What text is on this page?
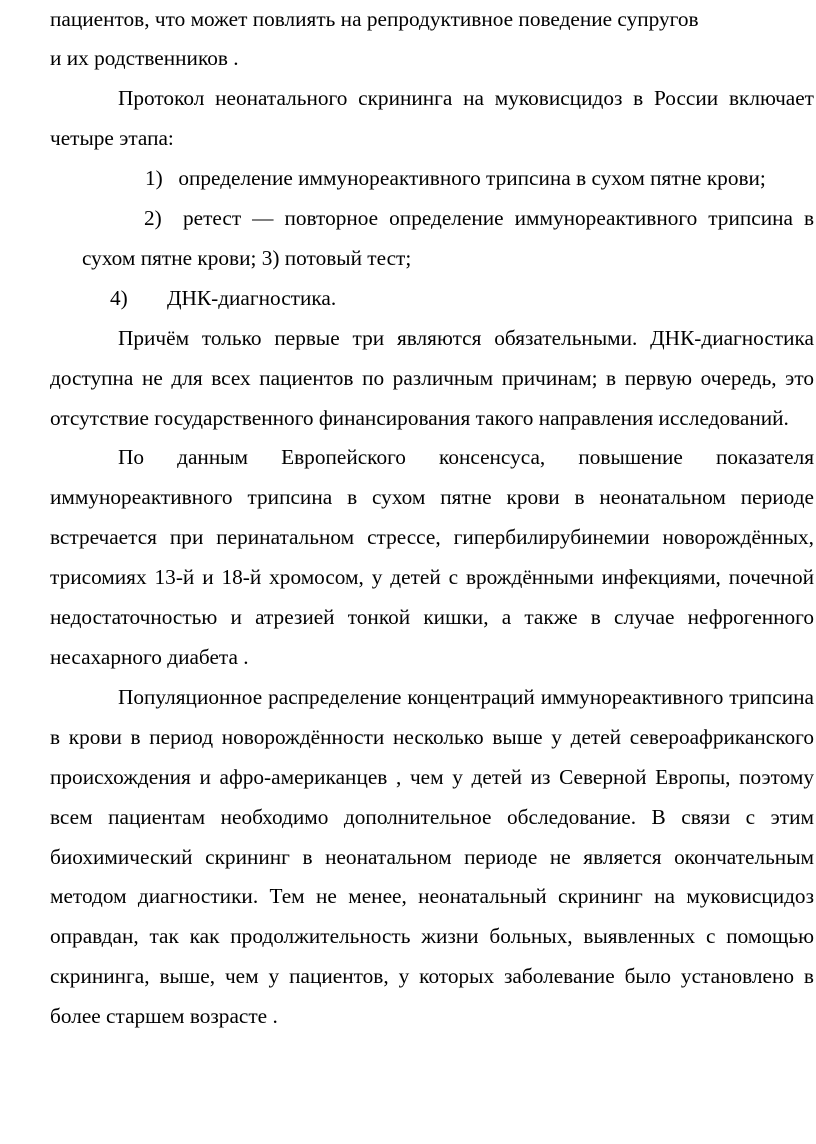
пациентов, что может повлиять на репродуктивное поведение супругов
и их родственников .

Протокол неонатального скрининга на муковисцидоз в России включает четыре этапа:

1) определение иммунореактивного трипсина в сухом пятне крови;
2) ретест — повторное определение иммунореактивного трипсина в сухом пятне крови; 3) потовый тест;
4) ДНК-диагностика.

Причём только первые три являются обязательными. ДНК-диагностика доступна не для всех пациентов по различным причинам; в первую очередь, это отсутствие государственного финансирования такого направления исследований.

По данным Европейского консенсуса, повышение показателя иммунореактивного трипсина в сухом пятне крови в неонатальном периоде встречается при перинатальном стрессе, гипербилирубинемии новорождённых, трисомиях 13-й и 18-й хромосом, у детей с врождёнными инфекциями, почечной недостаточностью и атрезией тонкой кишки, а также в случае нефрогенного несахарного диабета .

Популяционное распределение концентраций иммунореактивного трипсина в крови в период новорождённости несколько выше у детей североафриканского происхождения и афро-американцев , чем у детей из Северной Европы, поэтому всем пациентам необходимо дополнительное обследование. В связи с этим биохимический скрининг в неонатальном периоде не является окончательным методом диагностики. Тем не менее, неонатальный скрининг на муковисцидоз оправдан, так как продолжительность жизни больных, выявленных с помощью скрининга, выше, чем у пациентов, у которых заболевание было установлено в более старшем возрасте .
